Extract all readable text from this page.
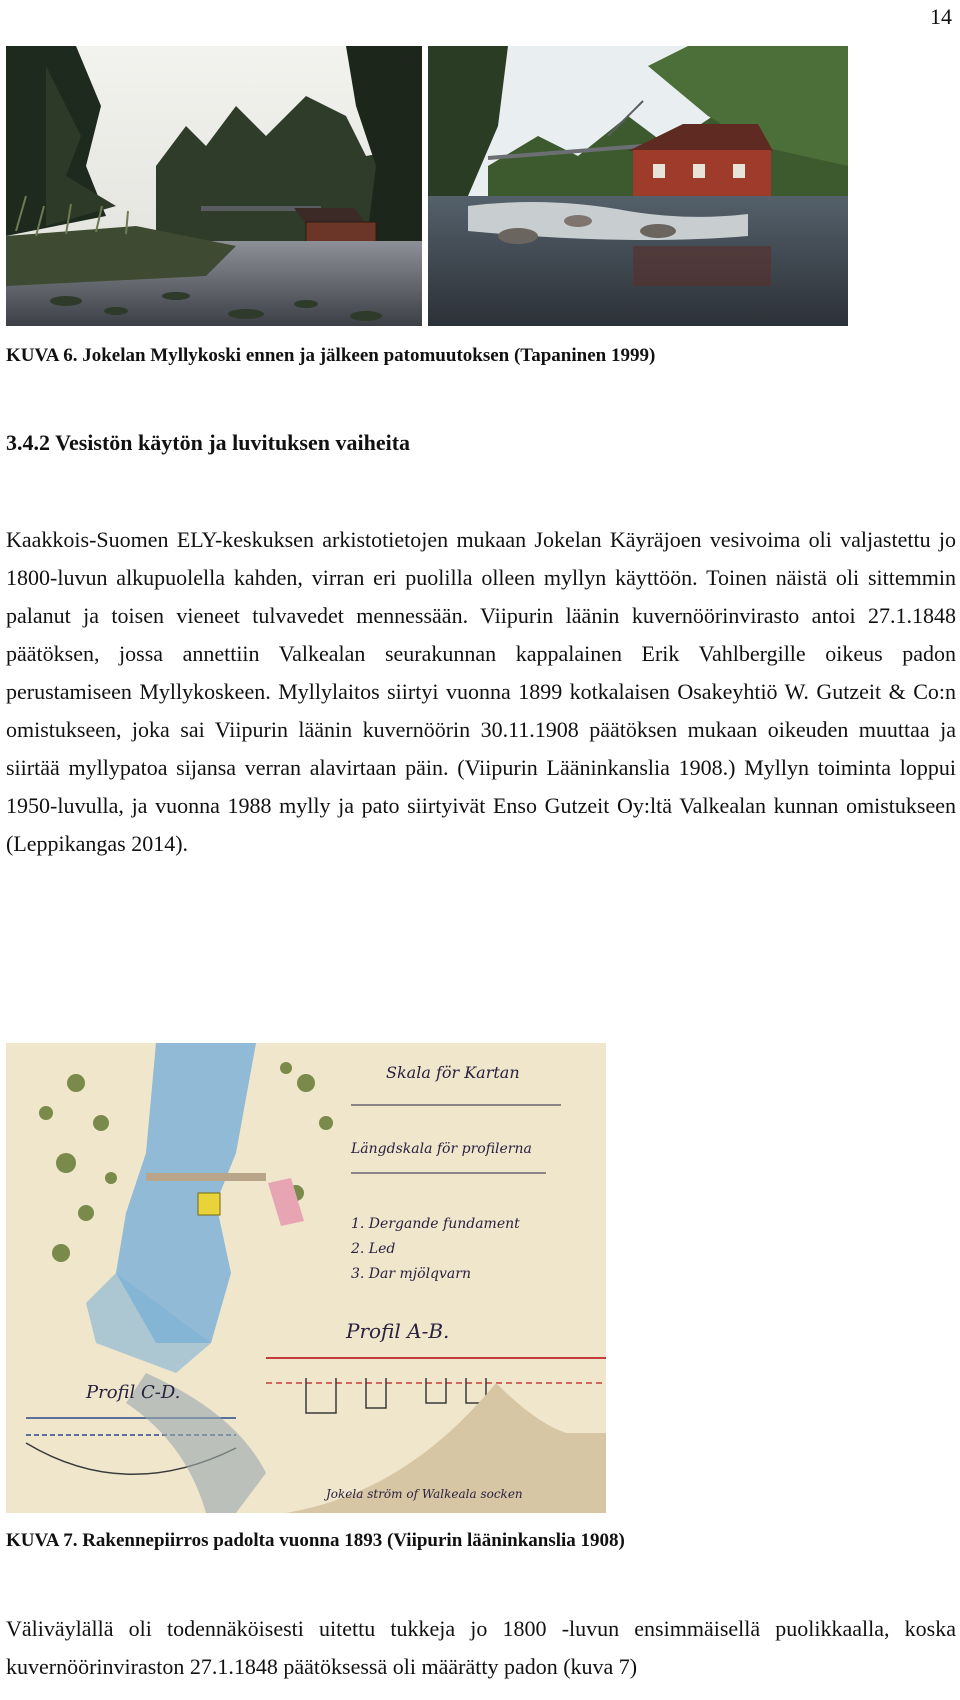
14
1
KUVA 6. Jokelan Myllykoski ennen ja jälkeen patomuutoksen (Tapaninen 1999)
3.4.2 Vesistön käytön ja luvituksen vaiheita
Kaakkois-Suomen ELY-keskuksen arkistotietojen mukaan Jokelan Käyräjoen vesivoima oli valjastettu jo 1800-luvun alkupuolella kahden, virran eri puolilla olleen myllyn käyttöön. Toinen näistä oli sittemmin palanut ja toisen vieneet tulvavedet mennessään. Viipurin läänin kuvernöörinvirasto antoi 27.1.1848 päätöksen, jossa annettiin Valkealan seurakunnan kappalainen Erik Vahlbergille oikeus padon perustamiseen Myllykoskeen. Myllylaitos siirtyi vuonna 1899 kotkalaisen Osakeyhtiö W. Gutzeit & Co:n omistukseen, joka sai Viipurin läänin kuvernöörin 30.11.1908 päätöksen mukaan oikeuden muuttaa ja siirtää myllypatoa sijansa verran alavirtaan päin. (Viipurin Lääninkanslia 1908.) Myllyn toiminta loppui 1950-luvulla, ja vuonna 1988 mylly ja pato siirtyivät Enso Gutzeit Oy:ltä Valkealan kunnan omistukseen (Leppikangas 2014).
Skala för Kartan
Längdskala för profilerna
1. Dergande fundament
2. Led
3. Dar mjölqvarn
Profil A-B.
Profil C-D.
Jokela ström of Walkeala socken
KUVA 7. Rakennepiirros padolta vuonna 1893 (Viipurin lääninkanslia 1908)
Väliväylällä oli todennäköisesti uitettu tukkeja jo 1800 -luvun ensimmäisellä puolikkaalla, koska kuvernöörinviraston 27.1.1848 päätöksessä oli määrätty padon (kuva 7)
